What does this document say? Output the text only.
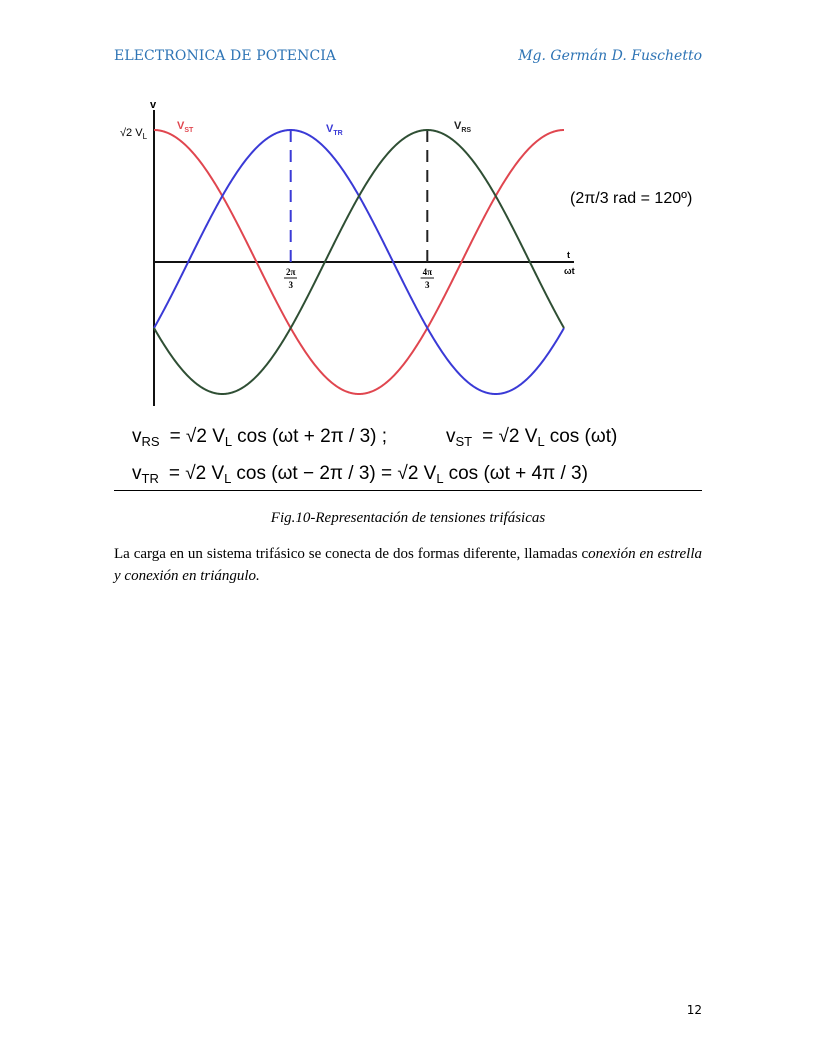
ELECTRONICA DE POTENCIA	Mg. Germán D. Fuschetto
v
√2 $V_L$
$V_{ST}$	$V_{TR}$
$V_{RS}$
t
ωt
2π
3
4π
3
(2π/3 rad = 120º)
$v_{RS} = √2$ $V_L$ cos (ωt + 2π / 3) ;	$v_{ST} = √2$ $V_L$ cos (ωt)
$v_{TR} = √2$ $V_L$ cos (ωt − 2π / 3) = √2 $V_L$ cos (ωt + 4π / 3)
Fig.10-Representación de tensiones trifásicas
La carga en un sistema trifásico se conecta de dos formas diferente, llamadas conexión en estrella y conexión en triángulo.
12
